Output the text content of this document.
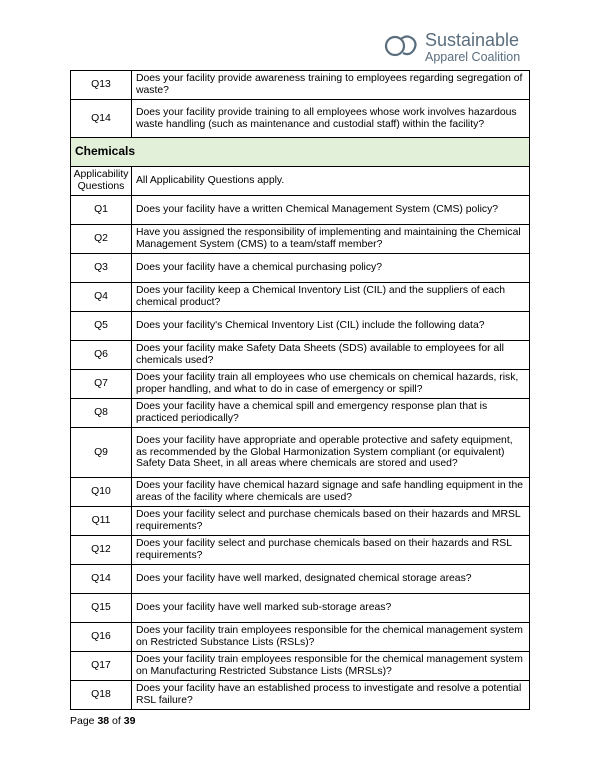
Sustainable
Apparel Coalition
Q13	Does your facility provide awareness training to employees regarding segregation of waste?
Q14	Does your facility provide training to all employees whose work involves hazardous waste handling (such as maintenance and custodial staff) within the facility?
Chemicals	
Applicability Questions	All Applicability Questions apply.
Q1	Does your facility have a written Chemical Management System (CMS) policy?
Q2	Have you assigned the responsibility of implementing and maintaining the Chemical Management System (CMS) to a team/staff member?
Q3	Does your facility have a chemical purchasing policy?
Q4	Does your facility keep a Chemical Inventory List (CIL) and the suppliers of each chemical product?
Q5	Does your facility's Chemical Inventory List (CIL) include the following data?
Q6	Does your facility make Safety Data Sheets (SDS) available to employees for all chemicals used?
Q7	Does your facility train all employees who use chemicals on chemical hazards, risk, proper handling, and what to do in case of emergency or spill?
Q8	Does your facility have a chemical spill and emergency response plan that is practiced periodically?
Q9	Does your facility have appropriate and operable protective and safety equipment, as recommended by the Global Harmonization System compliant (or equivalent) Safety Data Sheet, in all areas where chemicals are stored and used?
Q10	Does your facility have chemical hazard signage and safe handling equipment in the areas of the facility where chemicals are used?
Q11	Does your facility select and purchase chemicals based on their hazards and MRSL requirements?
Q12	Does your facility select and purchase chemicals based on their hazards and RSL requirements?
Q14	Does your facility have well marked, designated chemical storage areas?
Q15	Does your facility have well marked sub-storage areas?
Q16	Does your facility train employees responsible for the chemical management system on Restricted Substance Lists (RSLs)?
Q17	Does your facility train employees responsible for the chemical management system on Manufacturing Restricted Substance Lists (MRSLs)?
Q18	Does your facility have an established process to investigate and resolve a potential RSL failure?
Page 38 of 39
